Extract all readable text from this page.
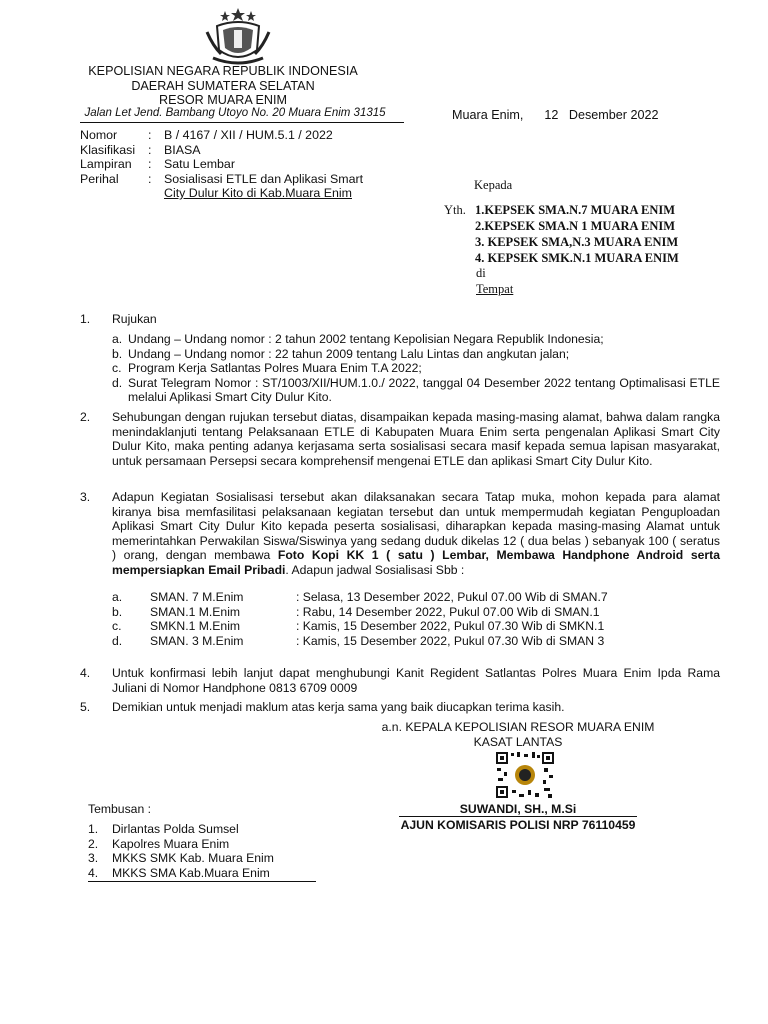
KEPOLISIAN NEGARA REPUBLIK INDONESIA
DAERAH SUMATERA SELATAN
RESOR MUARA ENIM
Jalan Let Jend. Bambang Utoyo No. 20 Muara Enim 31315	Muara Enim, 12   Desember 2022
Nomor	:	B / 4167 / XII / HUM.5.1 / 2022
Klasifikasi	:	BIASA
Lampiran	:	Satu Lembar
Perihal	:	Sosialisasi ETLE dan Aplikasi Smart
City Dulur Kito di Kab.Muara Enim
Kepada
Yth. 1.KEPSEK SMA.N.7 MUARA ENIM
2.KEPSEK SMA.N 1 MUARA ENIM
3. KEPSEK SMA,N.3 MUARA ENIM
4. KEPSEK SMK.N.1 MUARA ENIM
di
Tempat
1.	Rujukan
a. Undang – Undang nomor : 2 tahun 2002 tentang Kepolisian Negara Republik Indonesia;
b. Undang – Undang nomor : 22 tahun 2009 tentang Lalu Lintas dan angkutan jalan;
c. Program Kerja Satlantas Polres Muara Enim T.A 2022;
d. Surat Telegram Nomor : ST/1003/XII/HUM.1.0./ 2022, tanggal 04 Desember 2022 tentang Optimalisasi ETLE melalui Aplikasi Smart City Dulur Kito.
2.	Sehubungan dengan rujukan tersebut diatas, disampaikan kepada masing-masing alamat, bahwa dalam rangka menindaklanjuti tentang Pelaksanaan ETLE di Kabupaten Muara Enim serta pengenalan Aplikasi Smart City Dulur Kito, maka penting adanya kerjasama serta sosialisasi secara masif kepada semua lapisan masyarakat, untuk persamaan Persepsi secara komprehensif mengenai ETLE dan aplikasi Smart City Dulur Kito.
3.	Adapun Kegiatan Sosialisasi tersebut akan dilaksanakan secara Tatap muka, mohon kepada para alamat kiranya bisa memfasilitasi pelaksanaan kegiatan tersebut dan untuk mempermudah kegiatan Penguploadan Aplikasi Smart City Dulur Kito kepada peserta sosialisasi, diharapkan kepada masing-masing Alamat untuk memerintahkan Perwakilan Siswa/Siswinya yang sedang duduk dikelas 12 ( dua belas ) sebanyak 100 ( seratus ) orang, dengan membawa Foto Kopi KK 1 ( satu ) Lembar, Membawa Handphone Android serta mempersiapkan Email Pribadi. Adapun jadwal Sosialisasi Sbb :
a.	SMAN. 7 M.Enim	: Selasa, 13 Desember 2022, Pukul 07.00 Wib di SMAN.7
b.	SMAN.1 M.Enim	: Rabu, 14 Desember 2022, Pukul 07.00 Wib di SMAN.1
c.	SMKN.1 M.Enim	: Kamis, 15 Desember 2022, Pukul 07.30 Wib di SMKN.1
d.	SMAN. 3 M.Enim	: Kamis, 15 Desember 2022, Pukul 07.30 Wib di SMAN 3
4.	Untuk konfirmasi lebih lanjut dapat menghubungi Kanit Regident Satlantas Polres Muara Enim Ipda Rama Juliani di Nomor Handphone 0813 6709 0009
5.	Demikian untuk menjadi maklum atas kerja sama yang baik diucapkan terima kasih.
a.n. KEPALA KEPOLISIAN RESOR MUARA ENIM
KASAT LANTAS
SUWANDI, SH., M.Si
AJUN KOMISARIS POLISI NRP 76110459
Tembusan :
1.	Dirlantas Polda Sumsel
2.	Kapolres Muara Enim
3.	MKKS SMK Kab. Muara Enim
4.	MKKS SMA Kab.Muara Enim
